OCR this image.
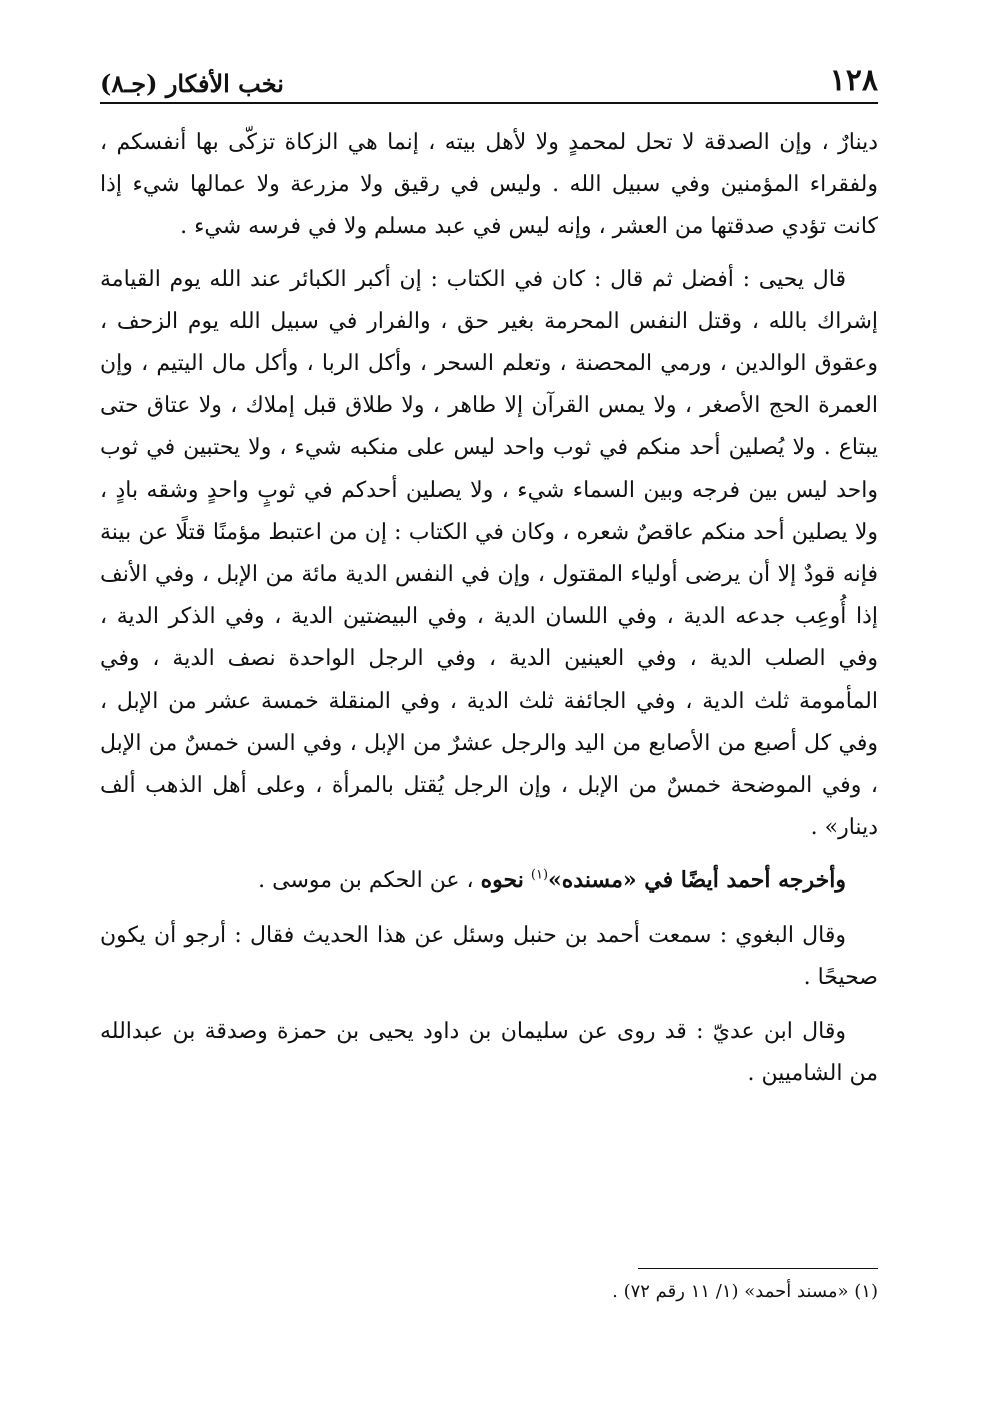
١٢٨
نخب الأفكار (جـ٨)

دينارٌ ، وإن الصدقة لا تحل لمحمدٍ ولا لأهل بيته ، إنما هي الزكاة تزكّى بها أنفسكم ، ولفقراء المؤمنين وفي سبيل الله . وليس في رقيق ولا مزرعة ولا عمالها شيء إذا كانت تؤدي صدقتها من العشر ، وإنه ليس في عبد مسلم ولا في فرسه شيء .

قال يحيى : أفضل ثم قال : كان في الكتاب : إن أكبر الكبائر عند الله يوم القيامة إشراك بالله ، وقتل النفس المحرمة بغير حق ، والفرار في سبيل الله يوم الزحف ، وعقوق الوالدين ، ورمي المحصنة ، وتعلم السحر ، وأكل الربا ، وأكل مال اليتيم ، وإن العمرة الحج الأصغر ، ولا يمس القرآن إلا طاهر ، ولا طلاق قبل إملاك ، ولا عتاق حتى يبتاع . ولا يُصلين أحد منكم في ثوب واحد ليس على منكبه شيء ، ولا يحتبين في ثوب واحد ليس بين فرجه وبين السماء شيء ، ولا يصلين أحدكم في ثوبٍ واحدٍ وشقه بادٍ ، ولا يصلين أحد منكم عاقصٌ شعره ، وكان في الكتاب : إن من اعتبط مؤمنًا قتلًا عن بينة فإنه قودٌ إلا أن يرضى أولياء المقتول ، وإن في النفس الدية مائة من الإبل ، وفي الأنف إذا أُوعِب جدعه الدية ، وفي اللسان الدية ، وفي البيضتين الدية ، وفي الذكر الدية ، وفي الصلب الدية ، وفي العينين الدية ، وفي الرجل الواحدة نصف الدية ، وفي المأمومة ثلث الدية ، وفي الجائفة ثلث الدية ، وفي المنقلة خمسة عشر من الإبل ، وفي كل أصبع من الأصابع من اليد والرجل عشرٌ من الإبل ، وفي السن خمسٌ من الإبل ، وفي الموضحة خمسٌ من الإبل ، وإن الرجل يُقتل بالمرأة ، وعلى أهل الذهب ألف دينار» .

وأخرجه أحمد أيضًا في «مسنده»$^{(١)}$ نحوه ، عن الحكم بن موسى .

وقال البغوي : سمعت أحمد بن حنبل وسئل عن هذا الحديث فقال : أرجو أن يكون صحيحًا .

وقال ابن عديّ : قد روى عن سليمان بن داود يحيى بن حمزة وصدقة بن عبدالله من الشاميين .

(١) «مسند أحمد» (١/ ١١ رقم ٧٢) .
